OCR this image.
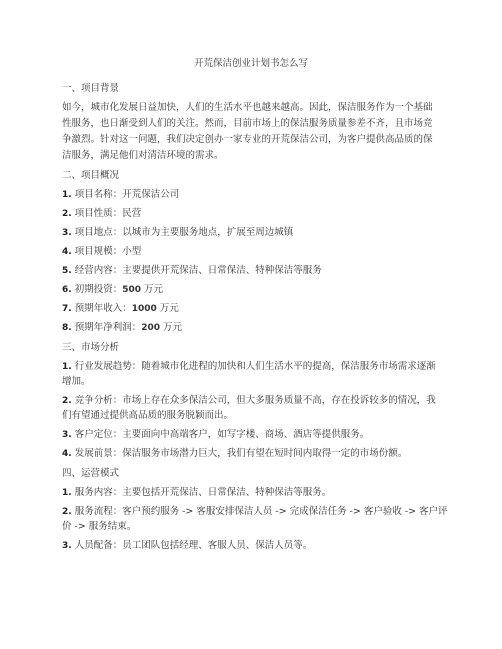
开荒保洁创业计划书怎么写
一、项目背景
如今，城市化发展日益加快，人们的生活水平也越来越高。因此，保洁服务作为一个基础
性服务，也日渐受到人们的关注。然而，目前市场上的保洁服务质量参差不齐，且市场竞
争激烈。针对这一问题，我们决定创办一家专业的开荒保洁公司，为客户提供高品质的保
洁服务，满足他们对清洁环境的需求。
二、项目概况
1. 项目名称：开荒保洁公司
2. 项目性质：民营
3. 项目地点：以城市为主要服务地点，扩展至周边城镇
4. 项目规模：小型
5. 经营内容：主要提供开荒保洁、日常保洁、特种保洁等服务
6. 初期投资：500 万元
7. 预期年收入：1000 万元
8. 预期年净利润：200 万元
三、市场分析
1. 行业发展趋势：随着城市化进程的加快和人们生活水平的提高，保洁服务市场需求逐渐
增加。
2. 竞争分析：市场上存在众多保洁公司，但大多服务质量不高，存在投诉较多的情况，我
们有望通过提供高品质的服务脱颖而出。
3. 客户定位：主要面向中高端客户，如写字楼、商场、酒店等提供服务。
4. 发展前景：保洁服务市场潜力巨大，我们有望在短时间内取得一定的市场份额。
四、运营模式
1. 服务内容：主要包括开荒保洁、日常保洁、特种保洁等服务。
2. 服务流程：客户预约服务 -> 客服安排保洁人员 -> 完成保洁任务 -> 客户验收 -> 客户评
价 -> 服务结束。
3. 人员配备：员工团队包括经理、客服人员、保洁人员等。
